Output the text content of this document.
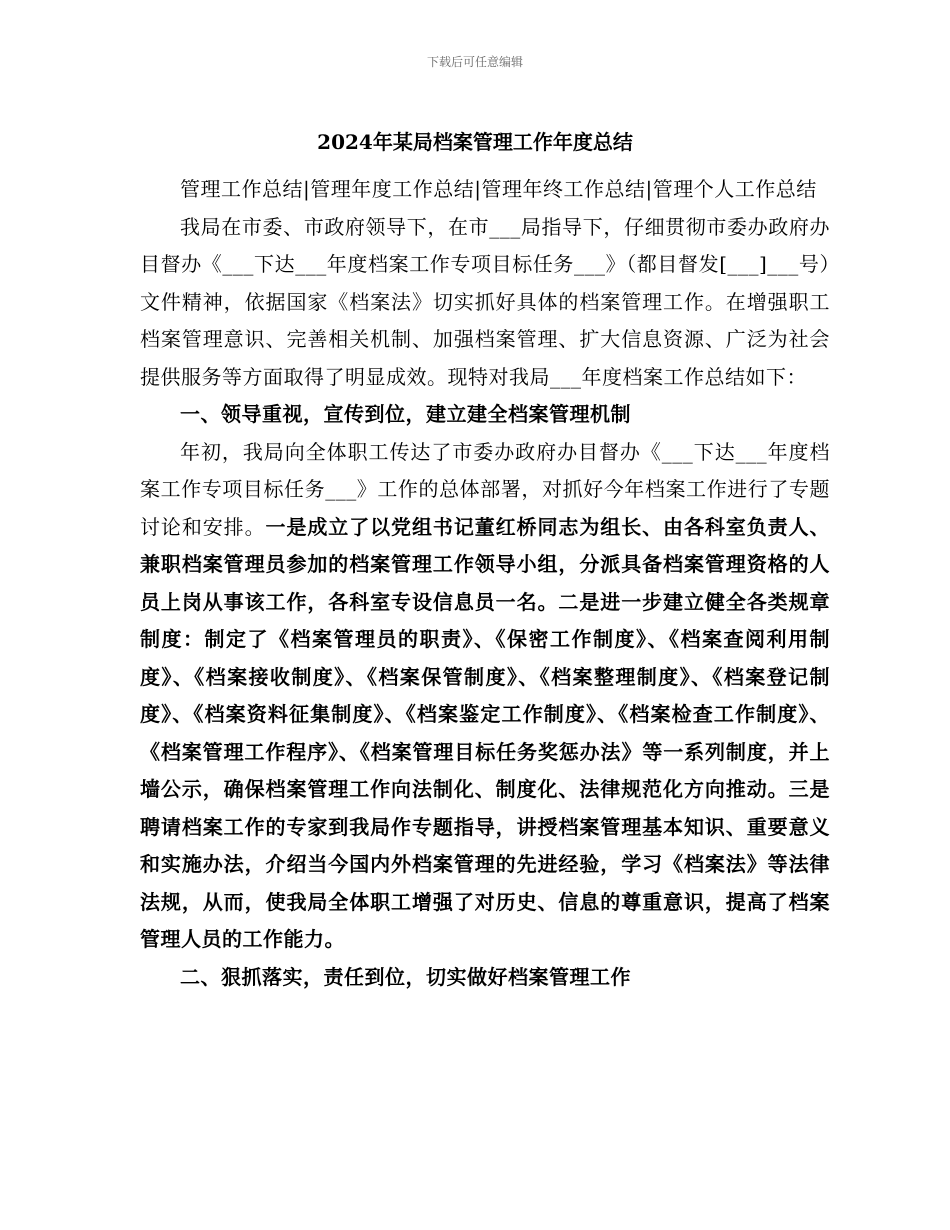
下载后可任意编辑
2024年某局档案管理工作年度总结

管理工作总结|管理年度工作总结|管理年终工作总结|管理个人工作总结

我局在市委、市政府领导下，在市___局指导下，仔细贯彻市委办政府办目督办《___下达___年度档案工作专项目标任务___》（都目督发[___]___号）文件精神，依据国家《档案法》切实抓好具体的档案管理工作。在增强职工档案管理意识、完善相关机制、加强档案管理、扩大信息资源、广泛为社会提供服务等方面取得了明显成效。现特对我局___年度档案工作总结如下：

一、领导重视，宣传到位，建立建全档案管理机制

年初，我局向全体职工传达了市委办政府办目督办《___下达___年度档案工作专项目标任务___》工作的总体部署，对抓好今年档案工作进行了专题讨论和安排。一是成立了以党组书记董红桥同志为组长、由各科室负责人、兼职档案管理员参加的档案管理工作领导小组，分派具备档案管理资格的人员上岗从事该工作，各科室专设信息员一名。二是进一步建立健全各类规章制度：制定了《档案管理员的职责》、《保密工作制度》、《档案查阅利用制度》、《档案接收制度》、《档案保管制度》、《档案整理制度》、《档案登记制度》、《档案资料征集制度》、《档案鉴定工作制度》、《档案检查工作制度》、《档案管理工作程序》、《档案管理目标任务奖惩办法》等一系列制度，并上墙公示，确保档案管理工作向法制化、制度化、法律规范化方向推动。三是聘请档案工作的专家到我局作专题指导，讲授档案管理基本知识、重要意义和实施办法，介绍当今国内外档案管理的先进经验，学习《档案法》等法律法规，从而，使我局全体职工增强了对历史、信息的尊重意识，提高了档案管理人员的工作能力。

二、狠抓落实，责任到位，切实做好档案管理工作
